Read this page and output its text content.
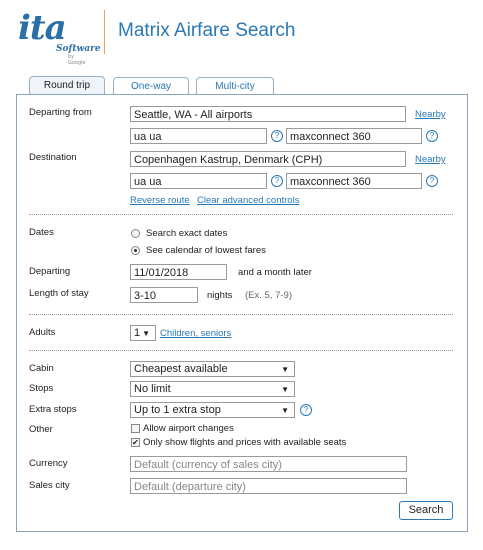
ita
Software
by Google
Matrix Airfare Search
Round trip	One-way	Multi-city
Departing from	Seattle, WA - All airports	Nearby
ua ua	? maxconnect 360	?
Destination	Copenhagen Kastrup, Denmark (CPH)	Nearby
ua ua	? maxconnect 360	?
Reverse route Clear advanced controls
Dates	Search exact dates
See calendar of lowest fares
Departing	11/01/2018	and a month later
Length of stay	3-10	nights (Ex. 5, 7-9)
Adults	1 ▼ Children, seniors
Cabin	Cheapest available	▼
Stops	No limit	▼
Extra stops	Up to 1 extra stop	▼	?
Other	Allow airport changes
✔ Only show flights and prices with available seats
Currency	Default (currency of sales city)
Sales city	Default (departure city)
Search
